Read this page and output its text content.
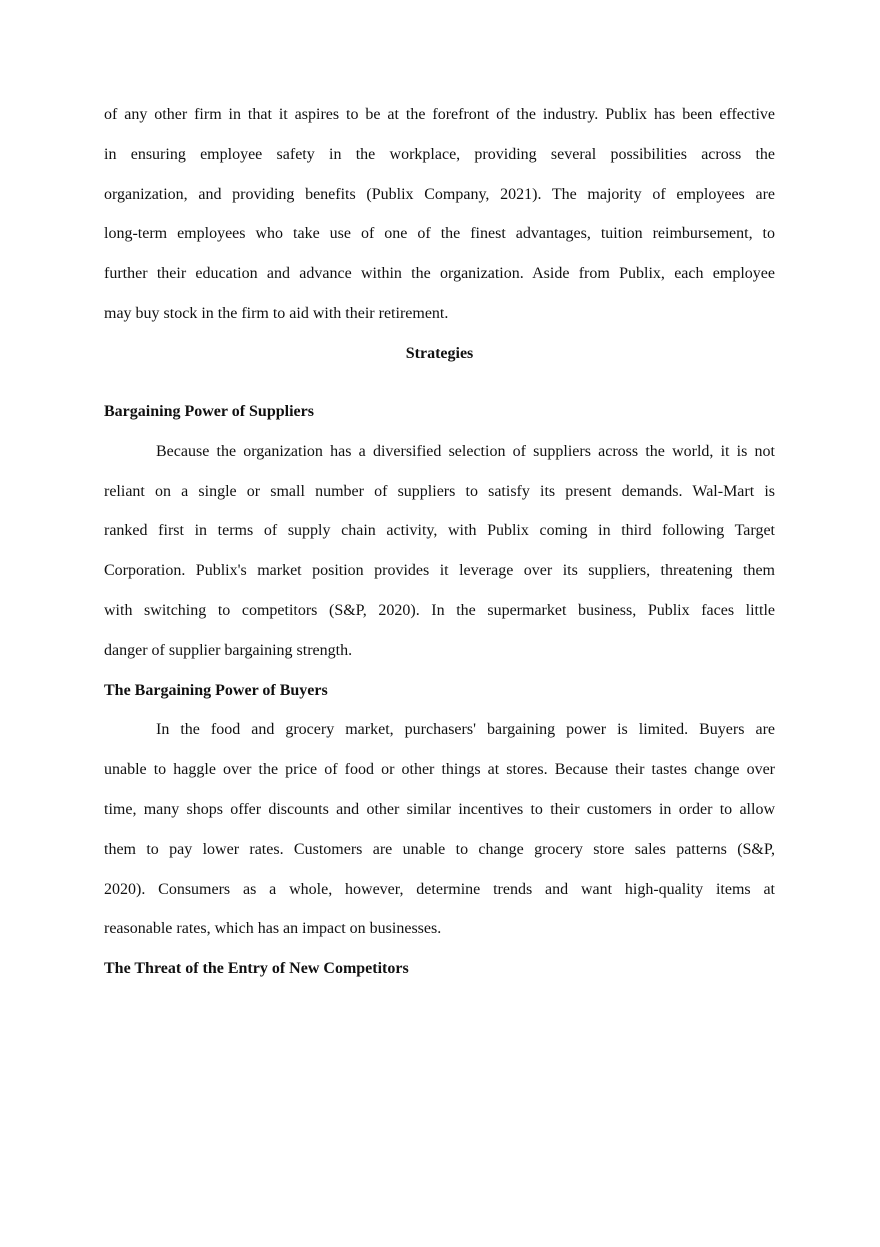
of any other firm in that it aspires to be at the forefront of the industry. Publix has been effective
in ensuring employee safety in the workplace, providing several possibilities across the
organization, and providing benefits (Publix Company, 2021). The majority of employees are
long-term employees who take use of one of the finest advantages, tuition reimbursement, to
further their education and advance within the organization. Aside from Publix, each employee
may buy stock in the firm to aid with their retirement.
Strategies
Bargaining Power of Suppliers
Because the organization has a diversified selection of suppliers across the world, it is not
reliant on a single or small number of suppliers to satisfy its present demands. Wal-Mart is
ranked first in terms of supply chain activity, with Publix coming in third following Target
Corporation. Publix's market position provides it leverage over its suppliers, threatening them
with switching to competitors (S&P, 2020). In the supermarket business, Publix faces little
danger of supplier bargaining strength.
The Bargaining Power of Buyers
In the food and grocery market, purchasers' bargaining power is limited. Buyers are
unable to haggle over the price of food or other things at stores. Because their tastes change over
time, many shops offer discounts and other similar incentives to their customers in order to allow
them to pay lower rates. Customers are unable to change grocery store sales patterns (S&P,
2020). Consumers as a whole, however, determine trends and want high-quality items at
reasonable rates, which has an impact on businesses.
The Threat of the Entry of New Competitors
